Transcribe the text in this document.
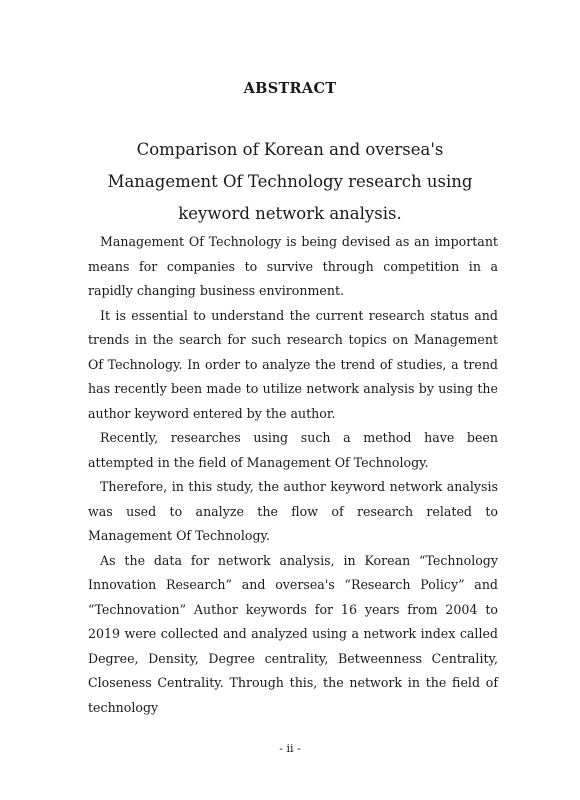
ABSTRACT
Comparison of Korean and oversea's Management Of Technology research using keyword network analysis.

Management Of Technology is being devised as an important means for companies to survive through competition in a rapidly changing business environment.

It is essential to understand the current research status and trends in the search for such research topics on Management Of Technology. In order to analyze the trend of studies, a trend has recently been made to utilize network analysis by using the author keyword entered by the author.

Recently, researches using such a method have been attempted in the field of Management Of Technology.

Therefore, in this study, the author keyword network analysis was used to analyze the flow of research related to Management Of Technology.

As the data for network analysis, in Korean “Technology Innovation Research” and oversea's “Research Policy” and “Technovation” Author keywords for 16 years from 2004 to 2019 were collected and analyzed using a network index called Degree, Density, Degree centrality, Betweenness Centrality, Closeness Centrality. Through this, the network in the field of technology

- ii -
